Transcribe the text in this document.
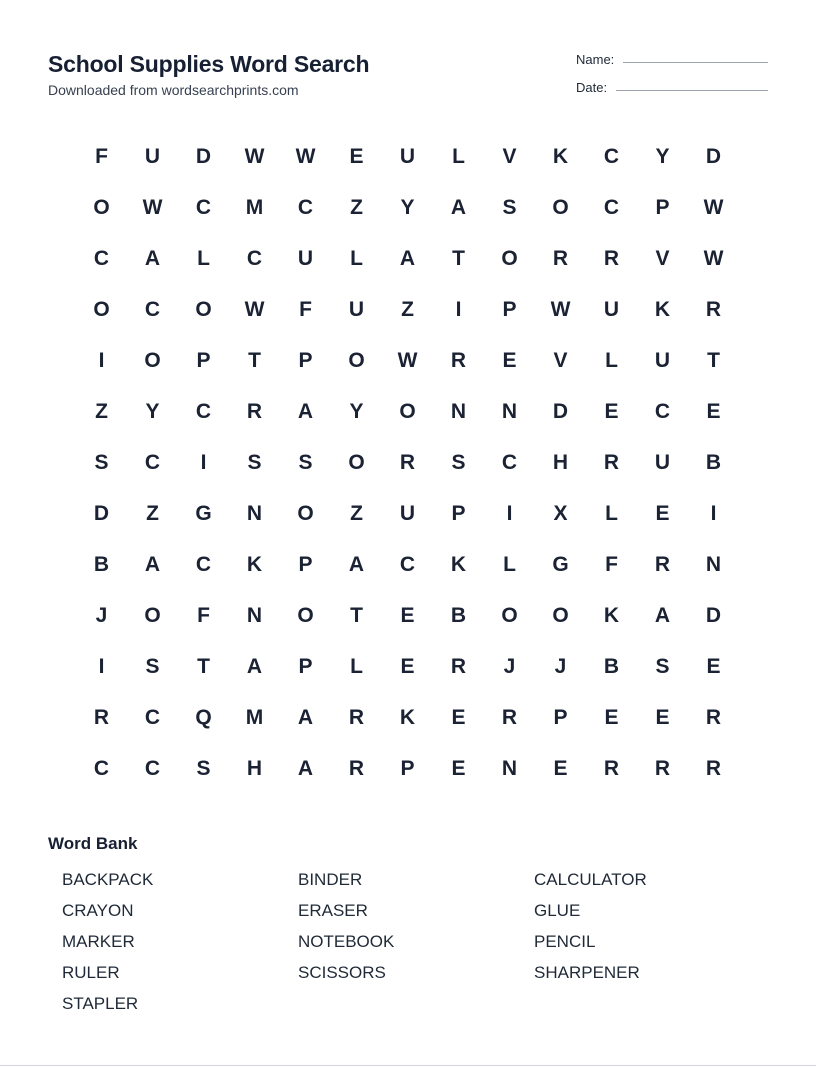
School Supplies Word Search
Downloaded from wordsearchprints.com
Name:
Date:
F	U	D	W	W	E	U	L	V	K	C	Y	D
O	W	C	M	C	Z	Y	A	S	O	C	P	W
C	A	L	C	U	L	A	T	O	R	R	V	W
O	C	O	W	F	U	Z	I	P	W	U	K	R
I	O	P	T	P	O	W	R	E	V	L	U	T
Z	Y	C	R	A	Y	O	N	N	D	E	C	E
S	C	I	S	S	O	R	S	C	H	R	U	B
D	Z	G	N	O	Z	U	P	I	X	L	E	I
B	A	C	K	P	A	C	K	L	G	F	R	N
J	O	F	N	O	T	E	B	O	O	K	A	D
I	S	T	A	P	L	E	R	J	J	B	S	E
R	C	Q	M	A	R	K	E	R	P	E	E	R
C	C	S	H	A	R	P	E	N	E	R	R	R
Word Bank
BACKPACK	BINDER	CALCULATOR
CRAYON	ERASER	GLUE
MARKER	NOTEBOOK	PENCIL
RULER	SCISSORS	SHARPENER
STAPLER
